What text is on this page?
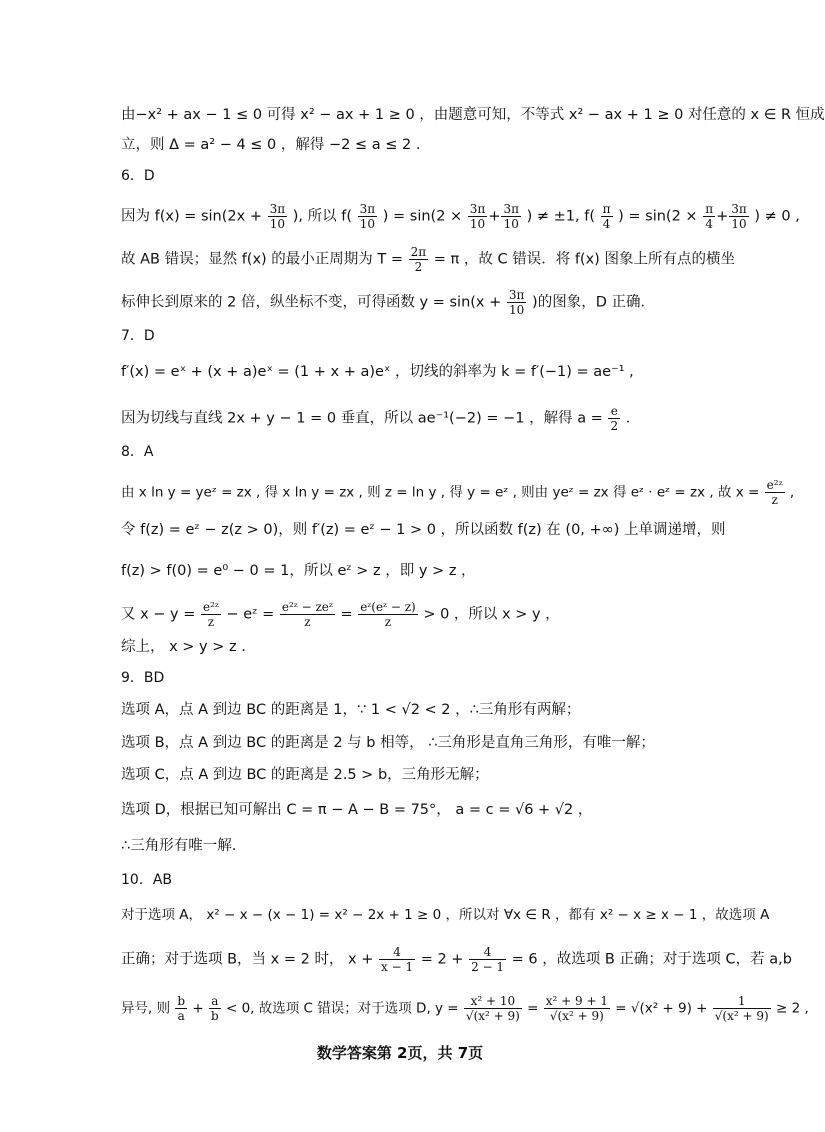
由−x² + ax − 1 ≤ 0 可得 x² − ax + 1 ≥ 0 ，由题意可知，不等式 x² − ax + 1 ≥ 0 对任意的 x ∈ R 恒成
立，则 Δ = a² − 4 ≤ 0 ，解得 −2 ≤ a ≤ 2 .
6．D
因为 $f(x) = \sin(2x + \frac{3\pi}{10}$ ), 所以 $f( \frac{3\pi}{10}$ ) = $\sin(2 \times \frac{3\pi}{10} + \frac{3\pi}{10}$ ) ≠ ±1, $f( \frac{\pi}{4}$ ) = $\sin(2 \times \frac{\pi}{4} + \frac{3\pi}{10}$ ) ≠ 0 ,
故 AB 错误；显然 f(x) 的最小正周期为 $T = \frac{2\pi}{2} = \pi$ ，故 C 错误．将 f(x) 图象上所有点的横坐
标伸长到原来的 2 倍，纵坐标不变，可得函数 $y = \sin(x + \frac{3\pi}{10}$ )的图象，D 正确．
7．D
f′(x) = eˣ + (x + a)eˣ = (1 + x + a)eˣ ，切线的斜率为 k = f′(−1) = ae⁻¹ ,
因为切线与直线 2x + y − 1 = 0 垂直，所以 ae⁻¹(−2) = −1 ，解得 $a = \frac{e}{2}$ ．
8．A
由 x ln y = yeᶻ = zx , 得 x ln y = zx , 则 z = ln y , 得 y = eᶻ , 则由 yeᶻ = zx 得 eᶻ · eᶻ = zx , 故 $x = \frac{\text{e²ᶻ}}{z}$ ,
令 f(z) = eᶻ − z(z > 0)，则 f′(z) = eᶻ − 1 > 0 ，所以函数 f(z) 在 (0, +∞) 上单调递增，则
f(z) > f(0) = e⁰ − 0 = 1，所以 eᶻ > z ，即 y > z ，
又 $x - y = \frac{\text{e²ᶻ}}{z}$ − eᶻ = $\frac{\text{e²ᶻ − zeᶻ}}{z} = \frac{\text{eᶻ(eᶻ − z)}}{z} > 0$ ，所以 x > y ，
综上， x > y > z .
9．BD
选项 A，点 A 到边 BC 的距离是 1，∵ 1 < √2 < 2 ，∴三角形有两解；
选项 B，点 A 到边 BC 的距离是 2 与 b 相等， ∴三角形是直角三角形，有唯一解；
选项 C，点 A 到边 BC 的距离是 2.5 > b，三角形无解；
选项 D，根据已知可解出 C = π − A − B = 75°， a = c = √6 + √2 ，
∴三角形有唯一解.
10．AB
对于选项 A， x² − x − (x − 1) = x² − 2x + 1 ≥ 0 ，所以对 ∀x ∈ R ，都有 x² − x ≥ x − 1 ，故选项 A
正确；对于选项 B，当 x = 2 时， $x + \frac{4}{x - 1} = 2 + \frac{4}{2 - 1} = 6$ ，故选项 B 正确；对于选项 C，若 a,b
异号, 则 $\frac{b}{a} + \frac{a}{b} < 0$, 故选项 C 错误；对于选项 D, $y = \frac{\text{x² + 10}}{\text{√(x² + 9)}} = \frac{\text{x² + 9 + 1}}{\text{√(x² + 9)}} = √(x^2 + 9) + \frac{1}{\text{√(x² + 9)}} \ge 2$ ,
数学答案第 2页，共 7页
